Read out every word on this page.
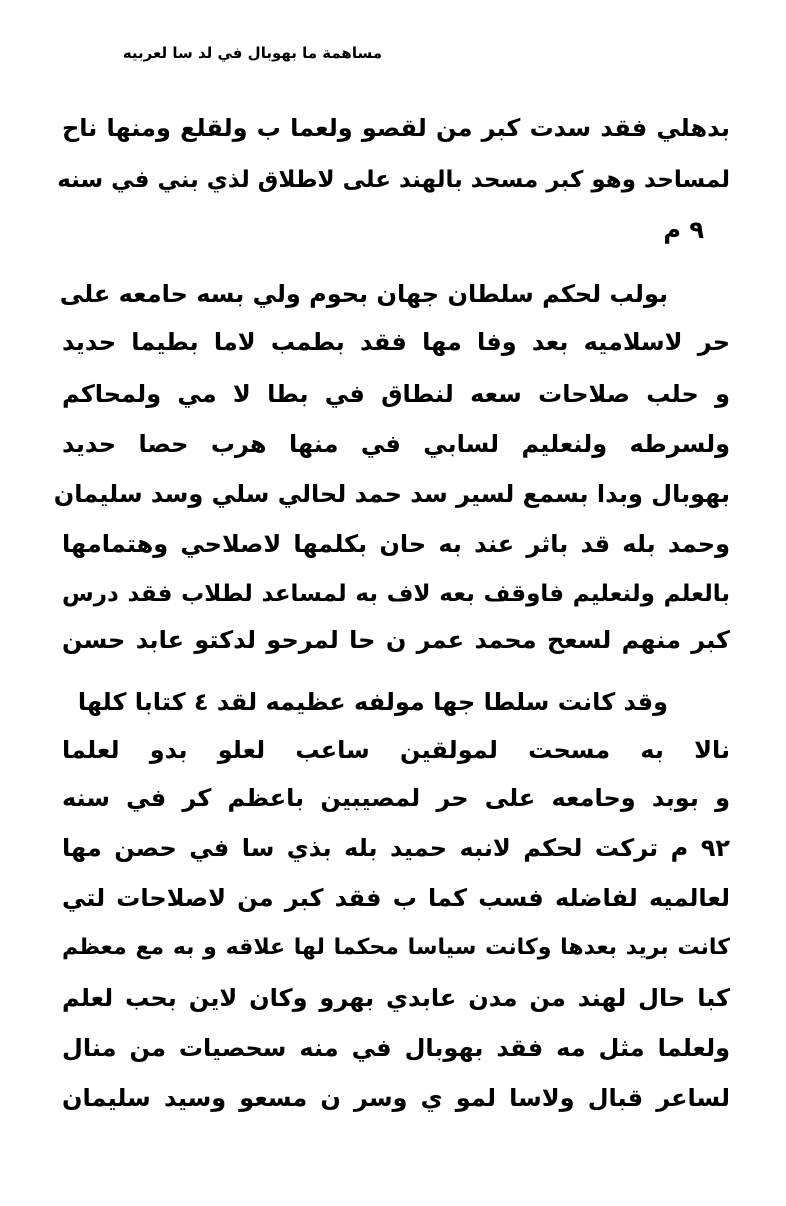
مساهمة ما بهوبال في لد سا لعربيه
بدهلي فقد سدت كبر من لقصو ولعما ب ولقلع ومنها ناح
لمساحد وهو كبر مسحد بالهند على لاطلاق لذي بني في سنه
٩ م
بولب لحكم سلطان جهان بحوم ولي بسه حامعه على
حر لاسلاميه بعد وفا مها فقد بطمب لاما بطيما حديد
و حلب صلاحات سعه لنطاق في بطا لا مي ولمحاكم
ولسرطه ولنعليم لسابي في منها هرب حصا حديد
بهوبال وبدا بسمع لسير سد حمد لحالي سلي وسد سليمان
وحمد بله قد باثر عند به حان بكلمها لاصلاحي وهتمامها
بالعلم ولنعليم فاوقف بعه لاف به لمساعد لطلاب فقد درس
كبر منهم لسعح محمد عمر ن حا لمرحو لدكتو عابد حسن
وقد كانت سلطا جها مولفه عظيمه لقد ٤ كتابا كلها
نالا به مسحت لمولقين ساعب لعلو بدو لعلما
و بوبد وحامعه على حر لمصيبين باعظم كر في سنه
٩٢ م تركت لحكم لانبه حميد بله بذي سا في حصن مها
لعالميه لفاضله فسب كما ب فقد كبر من لاصلاحات لتي
كانت بريد بعدها وكانت سياسا محكما لها علاقه و به مع معظم
كبا حال لهند من مدن عابدي بهرو وكان لاين بحب لعلم
ولعلما مثل مه فقد بهوبال في منه سحصيات من منال
لساعر قبال ولاسا لمو ي وسر ن مسعو وسيد سليمان
